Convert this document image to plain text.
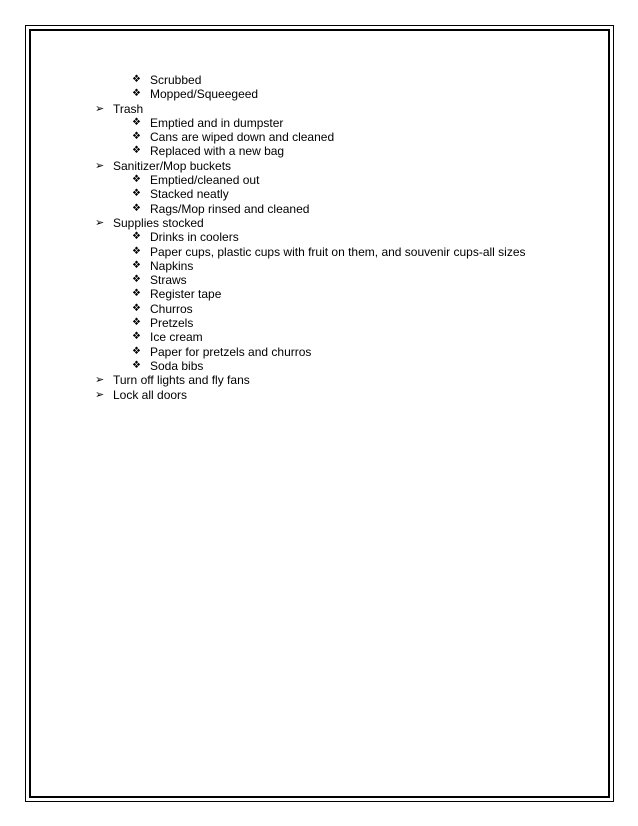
❖ Scrubbed
❖ Mopped/Squeegeed
➢ Trash
❖ Emptied and in dumpster
❖ Cans are wiped down and cleaned
❖ Replaced with a new bag
➢ Sanitizer/Mop buckets
❖ Emptied/cleaned out
❖ Stacked neatly
❖ Rags/Mop rinsed and cleaned
➢ Supplies stocked
❖ Drinks in coolers
❖ Paper cups, plastic cups with fruit on them, and souvenir cups-all sizes
❖ Napkins
❖ Straws
❖ Register tape
❖ Churros
❖ Pretzels
❖ Ice cream
❖ Paper for pretzels and churros
❖ Soda bibs
➢ Turn off lights and fly fans
➢ Lock all doors
